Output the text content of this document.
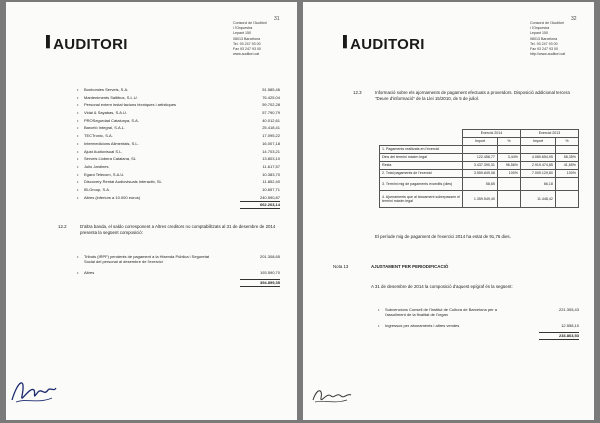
31
▌AUDITORI
Consorci de l'Auditori
i l'Orquestra
Lepant 150
08013 Barcelona
Tel. 93 247 93 00
Fax 93 247 93 00
www.auditori.cat
• Bonhomies Serveis, S.A.	51.585,46
• Manteniments Saltibus, S.L.U.	76.425,04
• Personal extern instal·lacions tècniques i artístiques	59.702,28
• Vidal & Sayabas, S.A.U.	57.790,79
• PROSegurdad Catalunya, S.A.	40.012,61
• Barceló Integral, S.A.L.	25.418,41
• TECTronic, S.A.	17.095,22
• Intermedicions Alimentals, S.L.	16.007,18
• Ajust Audiovisual S.L.	14.703,21
• Serveis Llobera Catalana, SL	13.803,10
• Julio Jardines	11.617,57
• Egara Telecom, S.A.U.	10.383,70
• Discovery Rental Audiovisuals Interactiv, SL	11.852,40
• IB-Group, S.A.	10.657,71
• Altres (inferiors a 10.000 euros)	240.590,87
662.263,14
12.2	D'altra banda, el saldo corresponent a Altres creditors no comptabilitzats al 31 de desembre de 2014 presenta la següent composició:
• Tributs (IRPF) pendents de pagament a la Hisenda Pública i Seguretat Social del personal al desembre de l'exercici
201.308,65
• Altres	193.590,70
394.899,35
32
▌AUDITORI
Consorci de l'Auditori
i l'Orquestra
Lepant 150
08013 Barcelona
Tel. 93 247 93 00
Fax 93 247 93 00
http://www.auditori.cat
12.3	Informació sobre els ajornaments de pagament efectuats a proveïdors. Disposició addicional tercera "Deure d'informació" de la Llei 15/2010, de 5 de juliol.
	Exercici 2014		Exercici 2013	
	Import	%	Import	%
1. Pagaments realitzats en l'exercici				
Dins del termini màxim legal	122.458,77	3,44%	4.089.654,95	58,35%
Resta	3.437.390,31	96,56%	2.919.474,85	41,65%
2. Total pagaments de l'exercici	3.559.849,08	100%	7.009.129,80	100%
3. Termini mig de pagaments excedits (dies)	58,65		66,18	
4. Ajornaments que al tancament sobrepassen el termini màxim legal	1.359.549,40		11.448,42	
El període mig de pagament de l'exercici 2014 ha estat de 91,76 dies.
Nota 13	AJUSTAMENT PER PERIODIFICACIÓ
A 31 de desembre de 2014 la composició d'aquest epígraf és la següent:
• Subvencions Consell de l'Institut de Cultura de Barcelona per a l'assoliment de la finalitat de l'òrgan
221.305,43
• Ingressos per abonaments i altres vendes	12.558,10
233.863,53
